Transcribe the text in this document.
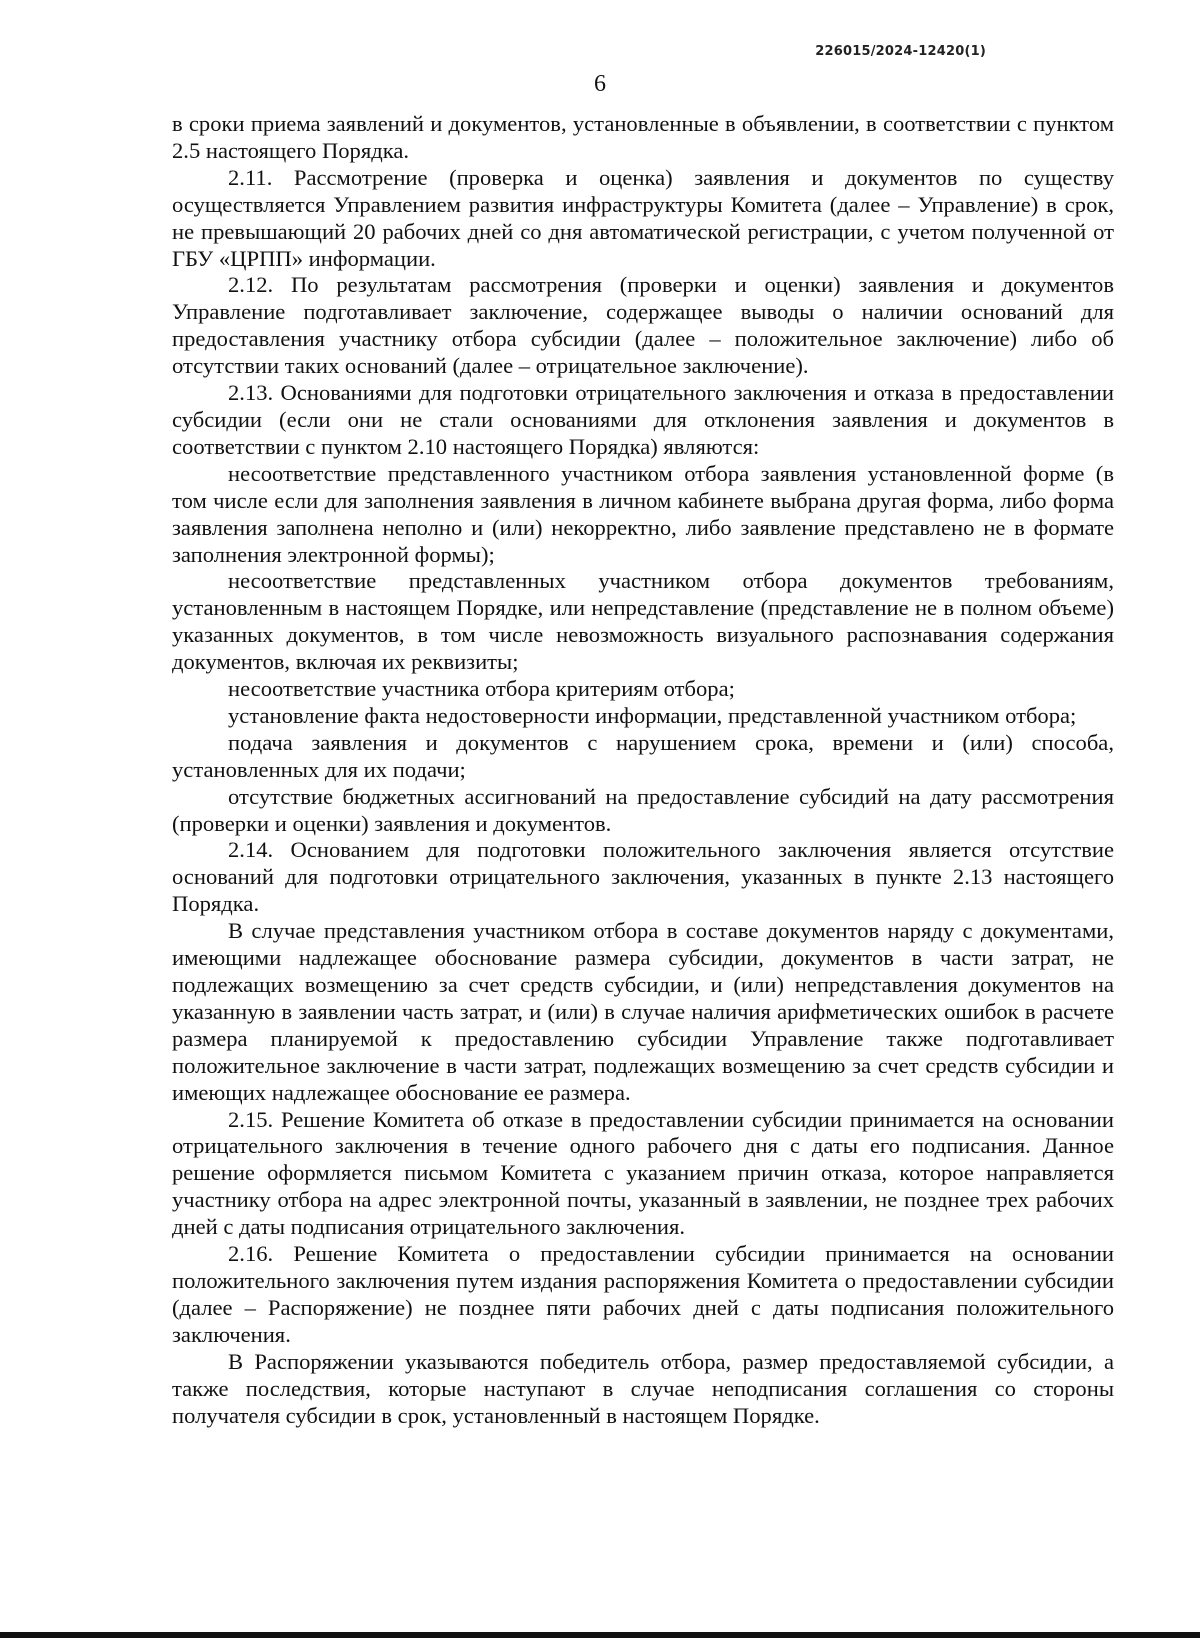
226015/2024-12420(1)
6

в сроки приема заявлений и документов, установленные в объявлении, в соответствии с пунктом 2.5 настоящего Порядка.

2.11. Рассмотрение (проверка и оценка) заявления и документов по существу осуществляется Управлением развития инфраструктуры Комитета (далее – Управление) в срок, не превышающий 20 рабочих дней со дня автоматической регистрации, с учетом полученной от ГБУ «ЦРПП» информации.

2.12. По результатам рассмотрения (проверки и оценки) заявления и документов Управление подготавливает заключение, содержащее выводы о наличии оснований для предоставления участнику отбора субсидии (далее – положительное заключение) либо об отсутствии таких оснований (далее – отрицательное заключение).

2.13. Основаниями для подготовки отрицательного заключения и отказа в предоставлении субсидии (если они не стали основаниями для отклонения заявления и документов в соответствии с пунктом 2.10 настоящего Порядка) являются:

несоответствие представленного участником отбора заявления установленной форме (в том числе если для заполнения заявления в личном кабинете выбрана другая форма, либо форма заявления заполнена неполно и (или) некорректно, либо заявление представлено не в формате заполнения электронной формы);

несоответствие представленных участником отбора документов требованиям, установленным в настоящем Порядке, или непредставление (представление не в полном объеме) указанных документов, в том числе невозможность визуального распознавания содержания документов, включая их реквизиты;

несоответствие участника отбора критериям отбора;

установление факта недостоверности информации, представленной участником отбора;

подача заявления и документов с нарушением срока, времени и (или) способа, установленных для их подачи;

отсутствие бюджетных ассигнований на предоставление субсидий на дату рассмотрения (проверки и оценки) заявления и документов.

2.14. Основанием для подготовки положительного заключения является отсутствие оснований для подготовки отрицательного заключения, указанных в пункте 2.13 настоящего Порядка.

В случае представления участником отбора в составе документов наряду с документами, имеющими надлежащее обоснование размера субсидии, документов в части затрат, не подлежащих возмещению за счет средств субсидии, и (или) непредставления документов на указанную в заявлении часть затрат, и (или) в случае наличия арифметических ошибок в расчете размера планируемой к предоставлению субсидии Управление также подготавливает положительное заключение в части затрат, подлежащих возмещению за счет средств субсидии и имеющих надлежащее обоснование ее размера.

2.15. Решение Комитета об отказе в предоставлении субсидии принимается на основании отрицательного заключения в течение одного рабочего дня с даты его подписания. Данное решение оформляется письмом Комитета с указанием причин отказа, которое направляется участнику отбора на адрес электронной почты, указанный в заявлении, не позднее трех рабочих дней с даты подписания отрицательного заключения.

2.16. Решение Комитета о предоставлении субсидии принимается на основании положительного заключения путем издания распоряжения Комитета о предоставлении субсидии (далее – Распоряжение) не позднее пяти рабочих дней с даты подписания положительного заключения.

В Распоряжении указываются победитель отбора, размер предоставляемой субсидии, а также последствия, которые наступают в случае неподписания соглашения со стороны получателя субсидии в срок, установленный в настоящем Порядке.
